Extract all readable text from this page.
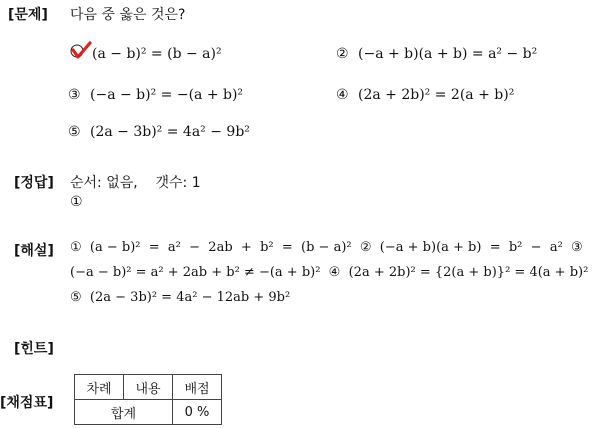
[문제] 다음 중 옳은 것은?
(a − b)² = (b − a)²	② (−a + b)(a + b) = a² − b²
③ (−a − b)² = −(a + b)²	④ (2a + 2b)² = 2(a + b)²
⑤ (2a − 3b)² = 4a² − 9b²
[정답] 순서: 없음,    갯수: 1
①
[해설] ①  (a − b)²  =  a²  −  2ab  +  b²  =  (b − a)²  ②  (−a + b)(a + b)  =  b²  −  a²  ③
(−a − b)² = a² + 2ab + b² ≠ −(a + b)²  ④  (2a + 2b)² = {2(a + b)}² = 4(a + b)²
⑤  (2a − 3b)² = 4a² − 12ab + 9b²
[힌트]
[채점표]
차례	내용	배점
합계		0 %
